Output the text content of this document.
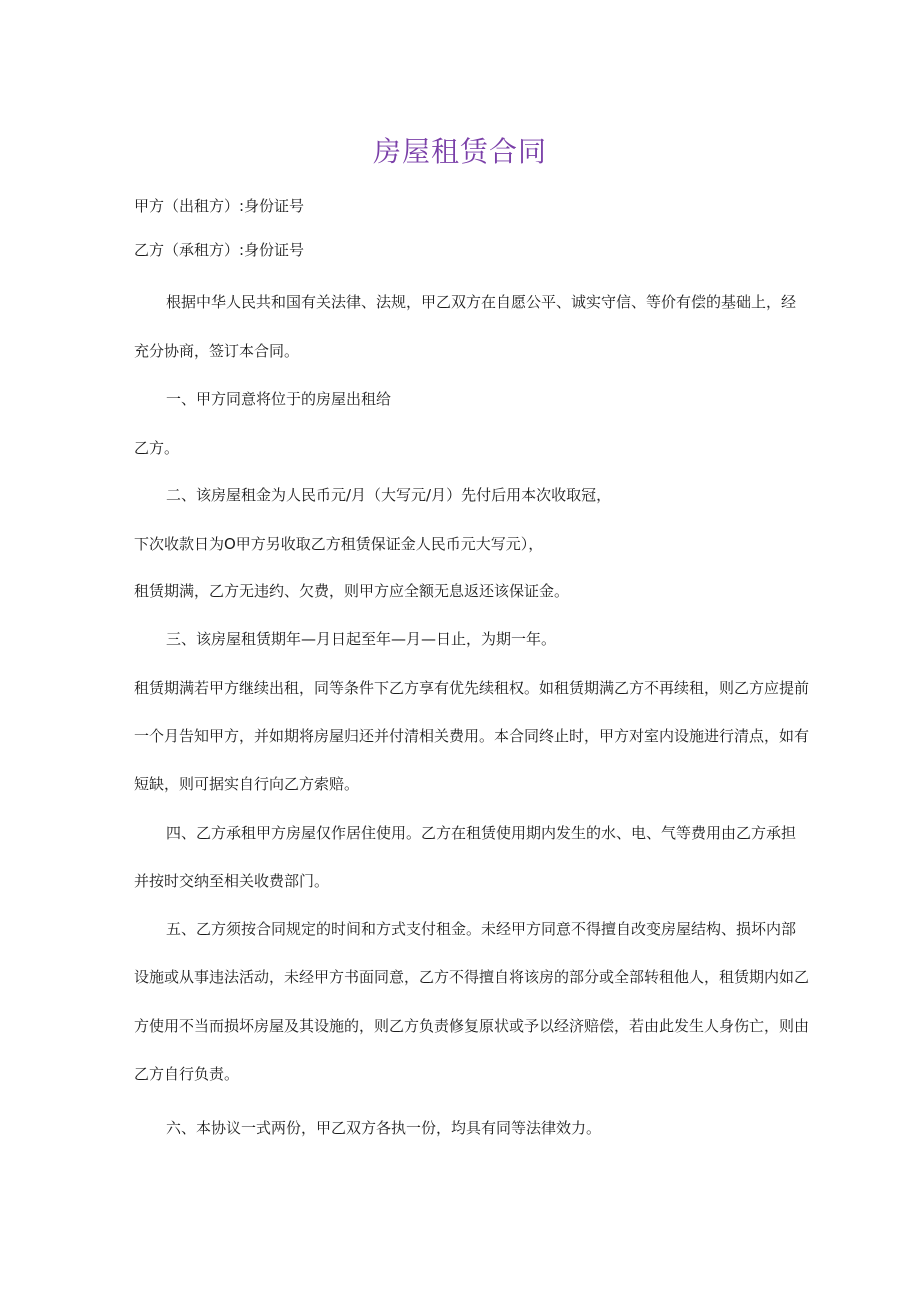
房屋租赁合同
甲方（出租方）:身份证号
乙方（承租方）:身份证号
根据中华人民共和国有关法律、法规，甲乙双方在自愿公平、诚实守信、等价有偿的基础上，经
充分协商，签订本合同。
一、甲方同意将位于的房屋出租给
乙方。
二、该房屋租金为人民币元/月（大写元/月）先付后用本次收取冠，
下次收款日为O甲方另收取乙方租赁保证金人民币元大写元），
租赁期满，乙方无违约、欠费，则甲方应全额无息返还该保证金。
三、该房屋租赁期年—月日起至年—月—日止，为期一年。
租赁期满若甲方继续出租，同等条件下乙方享有优先续租权。如租赁期满乙方不再续租，则乙方应提前
一个月告知甲方，并如期将房屋归还并付清相关费用。本合同终止时，甲方对室内设施进行清点，如有
短缺，则可据实自行向乙方索赔。
四、乙方承租甲方房屋仅作居住使用。乙方在租赁使用期内发生的水、电、气等费用由乙方承担
并按时交纳至相关收费部门。
五、乙方须按合同规定的时间和方式支付租金。未经甲方同意不得擅自改变房屋结构、损坏内部
设施或从事违法活动，未经甲方书面同意，乙方不得擅自将该房的部分或全部转租他人，租赁期内如乙
方使用不当而损坏房屋及其设施的，则乙方负责修复原状或予以经济赔偿，若由此发生人身伤亡，则由
乙方自行负责。
六、本协议一式两份，甲乙双方各执一份，均具有同等法律效力。
